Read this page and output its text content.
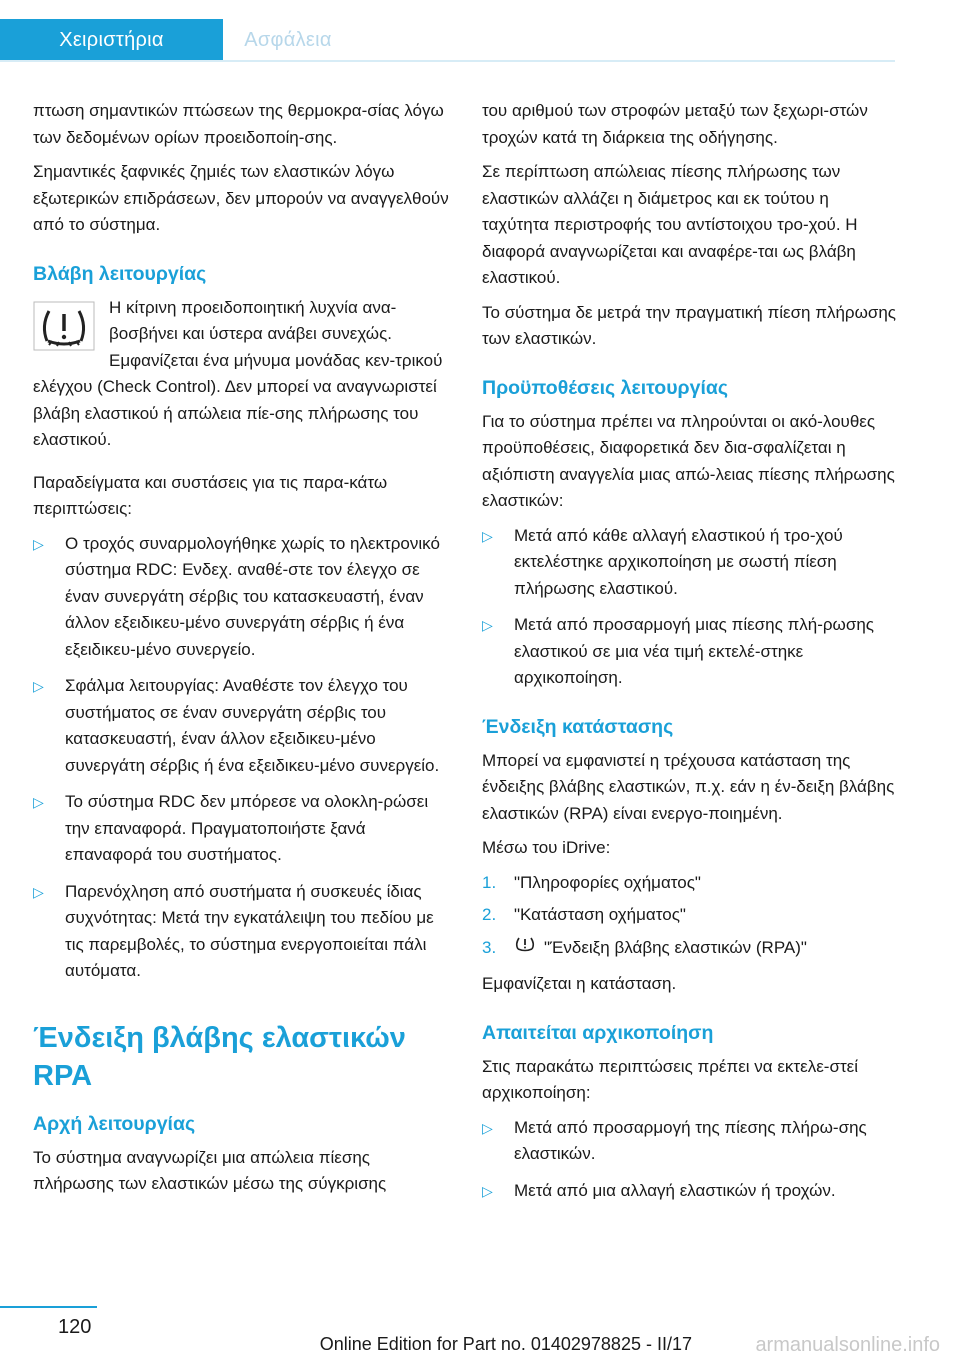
Χειριστήρια	Ασφάλεια

πτωση σημαντικών πτώσεων της θερμοκρα-σίας λόγω των δεδομένων ορίων προειδοποίη-σης.

Σημαντικές ξαφνικές ζημιές των ελαστικών λόγω εξωτερικών επιδράσεων, δεν μπορούν να αναγγελθούν από το σύστημα.

Βλάβη λειτουργίας

Η κίτρινη προειδοποιητική λυχνία ανα-βοσβήνει και ύστερα ανάβει συνεχώς. Εμφανίζεται ένα μήνυμα μονάδας κεν-τρικού ελέγχου (Check Control). Δεν μπορεί να αναγνωριστεί βλάβη ελαστικού ή απώλεια πίε-σης πλήρωσης του ελαστικού.

Παραδείγματα και συστάσεις για τις παρα-κάτω περιπτώσεις:

▷ Ο τροχός συναρμολογήθηκε χωρίς το ηλεκτρονικό σύστημα RDC: Ενδεχ. αναθέ-στε τον έλεγχο σε έναν συνεργάτη σέρβις του κατασκευαστή, έναν άλλον εξειδικευ-μένο συνεργάτη σέρβις ή ένα εξειδικευ-μένο συνεργείο.
▷ Σφάλμα λειτουργίας: Αναθέστε τον έλεγχο του συστήματος σε έναν συνεργάτη σέρβις του κατασκευαστή, έναν άλλον εξειδικευ-μένο συνεργάτη σέρβις ή ένα εξειδικευ-μένο συνεργείο.
▷ Το σύστημα RDC δεν μπόρεσε να ολοκλη-ρώσει την επαναφορά. Πραγματοποιήστε ξανά επαναφορά του συστήματος.
▷ Παρενόχληση από συστήματα ή συσκευές ίδιας συχνότητας: Μετά την εγκατάλειψη του πεδίου με τις παρεμβολές, το σύστημα ενεργοποιείται πάλι αυτόματα.
Ένδειξη βλάβης ελαστικών RPA
Αρχή λειτουργίας

Το σύστημα αναγνωρίζει μια απώλεια πίεσης πλήρωσης των ελαστικών μέσω της σύγκρισης

του αριθμού των στροφών μεταξύ των ξεχωρι-στών τροχών κατά τη διάρκεια της οδήγησης.

Σε περίπτωση απώλειας πίεσης πλήρωσης των ελαστικών αλλάζει η διάμετρος και εκ τούτου η ταχύτητα περιστροφής του αντίστοιχου τρο-χού. Η διαφορά αναγνωρίζεται και αναφέρε-ται ως βλάβη ελαστικού.

Το σύστημα δε μετρά την πραγματική πίεση πλήρωσης των ελαστικών.

Προϋποθέσεις λειτουργίας

Για το σύστημα πρέπει να πληρούνται οι ακό-λουθες προϋποθέσεις, διαφορετικά δεν δια-σφαλίζεται η αξιόπιστη αναγγελία μιας απώ-λειας πίεσης πλήρωσης ελαστικών:

▷ Μετά από κάθε αλλαγή ελαστικού ή τρο-χού εκτελέστηκε αρχικοποίηση με σωστή πίεση πλήρωσης ελαστικού.
▷ Μετά από προσαρμογή μιας πίεσης πλή-ρωσης ελαστικού σε μια νέα τιμή εκτελέ-στηκε αρχικοποίηση.
Ένδειξη κατάστασης

Μπορεί να εμφανιστεί η τρέχουσα κατάσταση της ένδειξης βλάβης ελαστικών, π.χ. εάν η έν-δειξη βλάβης ελαστικών (RPA) είναι ενεργο-ποιημένη.

Μέσω του iDrive:

1. "Πληροφορίες οχήματος"
2. "Κατάσταση οχήματος"
3.	"Ένδειξη βλάβης ελαστικών (RPA)"

Εμφανίζεται η κατάσταση.

Απαιτείται αρχικοποίηση

Στις παρακάτω περιπτώσεις πρέπει να εκτελε-στεί αρχικοποίηση:

▷ Μετά από προσαρμογή της πίεσης πλήρω-σης ελαστικών.
▷ Μετά από μια αλλαγή ελαστικών ή τροχών.
120
Online Edition for Part no. 01402978825 - II/17	armanualsonline.info
